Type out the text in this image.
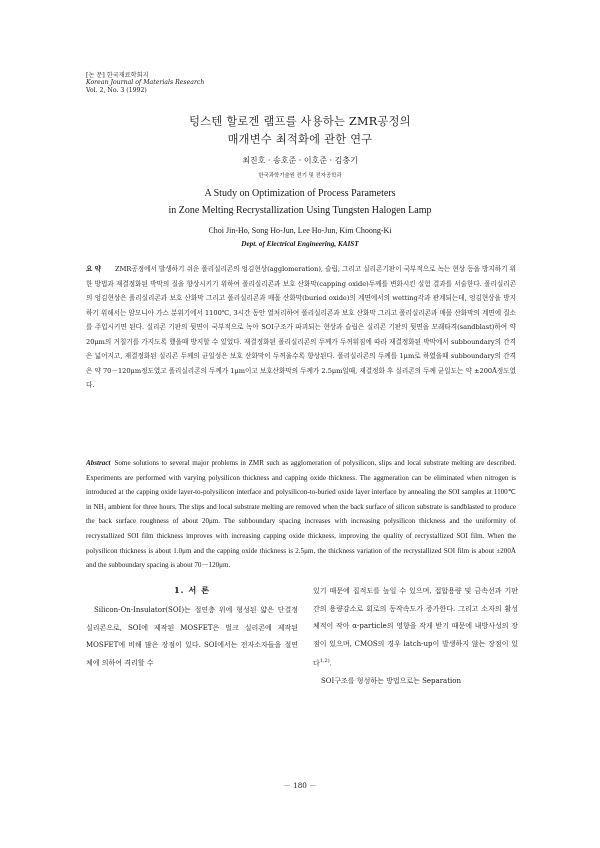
[논 문] 한국재료학회지
Korean Journal of Materials Research
Vol. 2, No. 3 (1992)
텅스텐 할로겐 램프를 사용하는 ZMR공정의
매개변수 최적화에 관한 연구
최진호 · 송호준 · 이호준 · 김충기
한국과학기술원 전기 및 전자공학과
A Study on Optimization of Process Parameters
in Zone Melting Recrystallization Using Tungsten Halogen Lamp
Choi Jin-Ho, Song Ho-Jun, Lee Ho-Jun, Kim Choong-Ki
Dept. of Electrical Engineering, KAIST
요 약 ZMR공정에서 발생하기 쉬운 폴리실리콘의 엉김현상(agglomeration), 슬립, 그리고 실리콘기판이 국부적으로 녹는 현상 등을 방지하기 위한 방법과 재결정화된 박막의 질을 향상시키기 위하여 폴리실리콘과 보호 산화막(capping oxide)두께를 변화시킨 실험 결과를 서술한다. 폴리실리콘의 엉김현상은 폴리실리콘과 보호 산화막 그리고 폴리실리콘과 매몰 산화막(buried oxide)의 계면에서의 wetting각과 관계되는데, 엉김현상을 방지하기 위해서는 암모니아 가스 분위기에서 1100℃, 3시간 동안 열처리하여 폴리실리콘과 보호 산화막 그리고 폴리실리콘과 매몰 산화막의 계면에 질소를 주입시키면 된다. 실리콘 기판의 뒷면이 국부적으로 녹아 SOI구조가 파괴되는 현상과 슬립은 실리콘 기판의 뒷면을 모래타격(sandblast)하여 약 20μm의 거칠기를 가지도록 했을때 방지할 수 있었다. 재결정화된 폴리실리콘의 두께가 두꺼워짐에 따라 재결정화된 박막에서 subboundary의 간격은 넓어지고, 재결정화된 실리콘 두께의 균일성은 보호 산화막이 두꺼울수록 향상된다. 폴리실리콘의 두께를 1μm로 하였을때 subboundary의 간격은 약 70－120μm정도였고 폴리실리콘의 두께가 1μm이고 보호산화막의 두께가 2.5μm일때, 재결정화 후 실리콘의 두께 균일도는 약 ±200Å정도였다.
Abstract Some solutions to several major problems in ZMR such as agglomeration of polysilicon, slips and local substrate melting are described. Experiments are performed with varying polysilicon thickness and capping oxide thickness. The aggmeration can be eliminated when nitrogen is introduced at the capping oxide layer-to-polysilicon interface and polysilicon-to-buried oxide layer interface by annealing the SOI samples at 1100℃ in NH₃ ambient for three hours. The slips and local substrate melting are removed when the back surface of silicon substrate is sandblasted to produce the back surface roughness of about 20μm. The subboundary spacing increases with increasing polysilicon thickness and the uniformity of recrystallized SOI film thickness improves with increasing capping oxide thickness, improving the quality of recrystallized SOI film. When the polysilicon thickness is about 1.0μm and the capping oxide thickness is 2.5μm, the thickness variation of the recrystallized SOI film is about ±200Å and the subboundary spacing is about 70－120μm.
1. 서 론
Silicon-On-Insulator(SOI)는 절연층 위에 형성된 얇은 단결정 실리콘으로, SOI에 제작된 MOSFET은 벌크 실리콘에 제작된 MOSFET에 비해 많은 장점이 있다. SOI에서는 전자소자들을 절연체에 의하여 격리할 수
있기 때문에 집적도를 높일 수 있으며, 접합용량 및 금속선과 기판 간의 용량감소로 회로의 동작속도가 증가한다. 그리고 소자의 활성체적이 작아 α-particle의 영향을 작게 받기 때문에 내방사성의 장점이 있으며, CMOS의 경우 latch-up이 발생하지 않는 장점이 있다$^{1,2)}$.
SOI구조를 형성하는 방법으로는 Separation
－ 180 －
